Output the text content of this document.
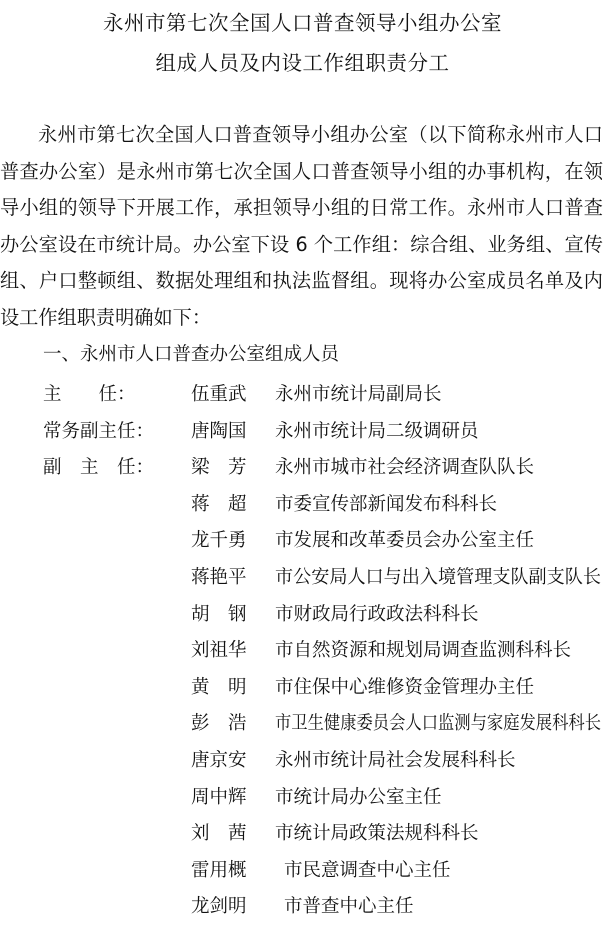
永州市第七次全国人口普查领导小组办公室
组成人员及内设工作组职责分工

永州市第七次全国人口普查领导小组办公室（以下简称永州市人口普查办公室）是永州市第七次全国人口普查领导小组的办事机构，在领导小组的领导下开展工作，承担领导小组的日常工作。永州市人口普查办公室设在市统计局。办公室下设 6 个工作组：综合组、业务组、宣传组、户口整顿组、数据处理组和执法监督组。现将办公室成员名单及内设工作组职责明确如下：

一、永州市人口普查办公室组成人员
主　　任：	伍重武 永州市统计局副局长
常务副主任： 唐陶国 永州市统计局二级调研员
副　主　任： 梁　芳 永州市城市社会经济调查队队长
蒋　超 市委宣传部新闻发布科科长
龙千勇 市发展和改革委员会办公室主任
蒋艳平 市公安局人口与出入境管理支队副支队长
胡　钢 市财政局行政政法科科长
刘祖华 市自然资源和规划局调查监测科科长
黄　明 市住保中心维修资金管理办主任
彭　浩 市卫生健康委员会人口监测与家庭发展科科长
唐京安 永州市统计局社会发展科科长
周中辉 市统计局办公室主任
刘　茜 市统计局政策法规科科长
雷用概 市民意调查中心主任
龙剑明 市普查中心主任
